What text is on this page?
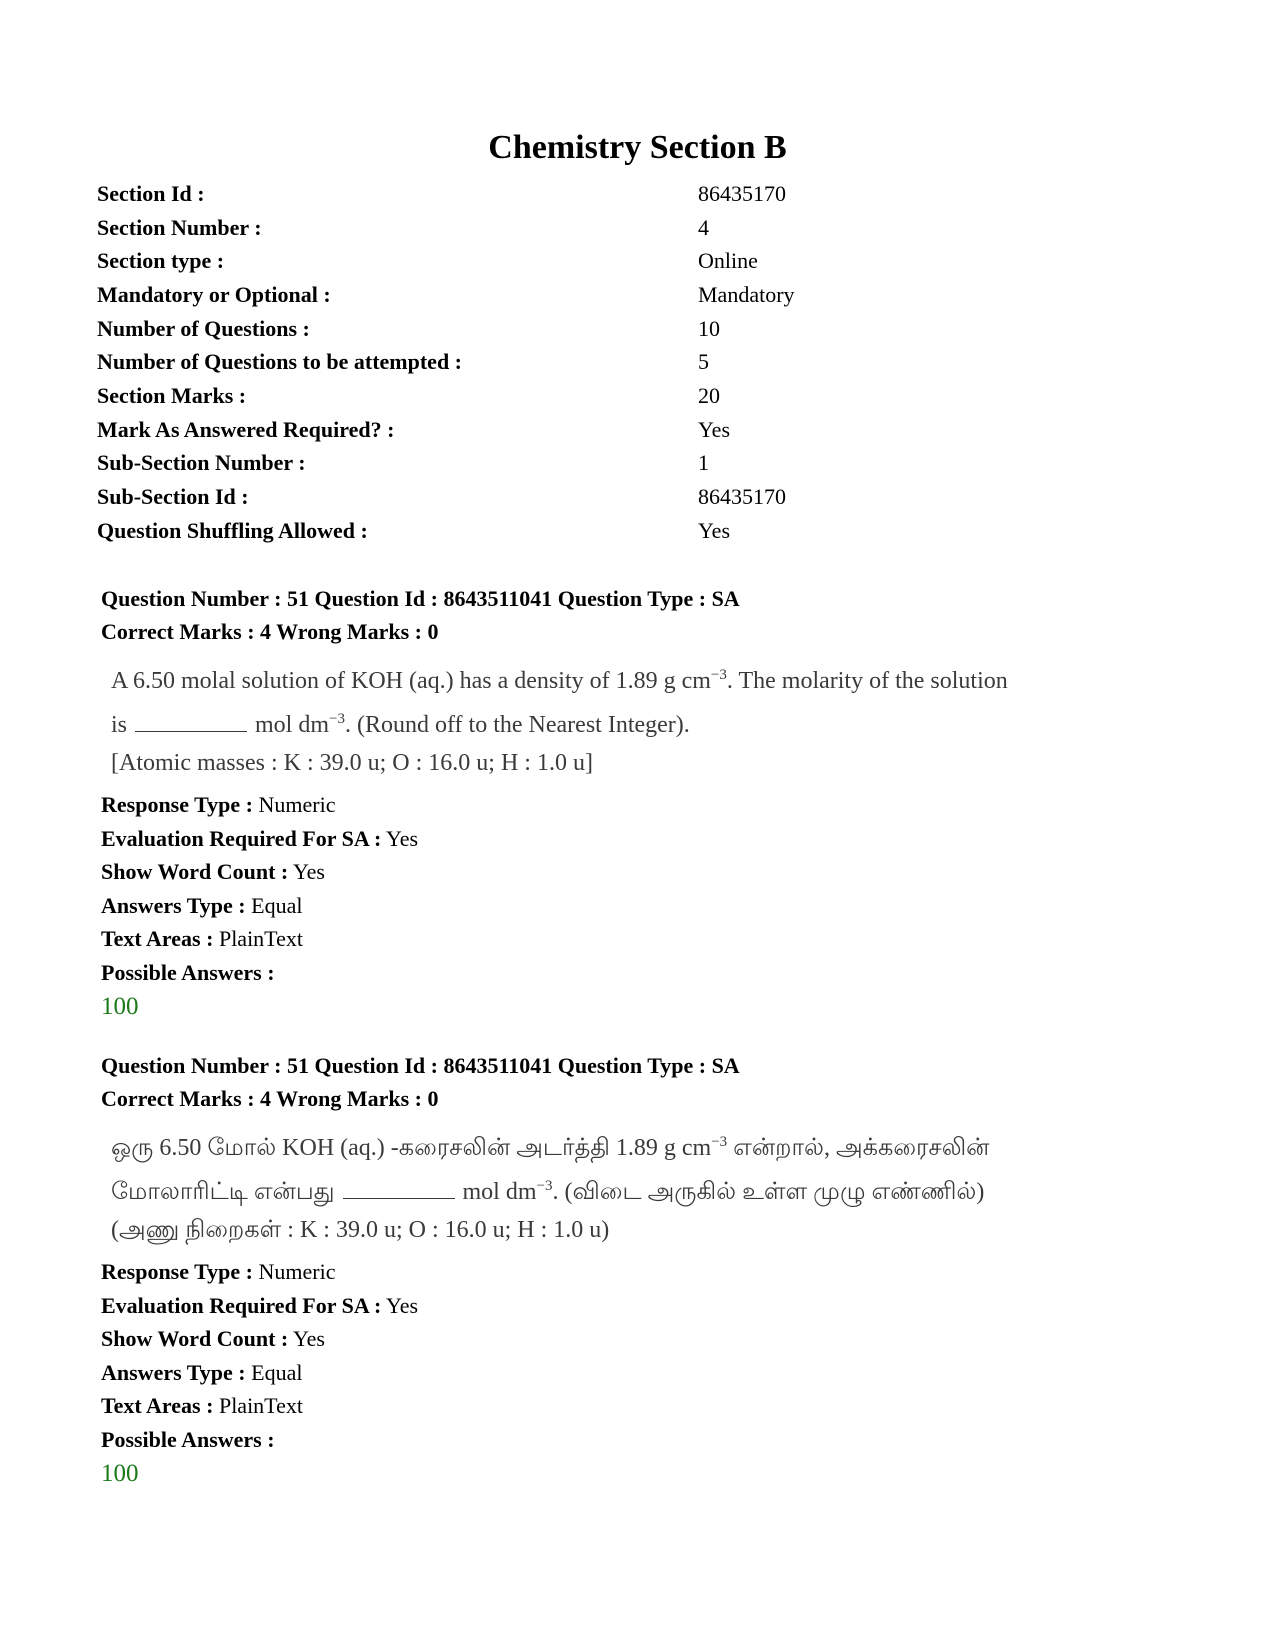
Chemistry Section B
Section Id :	86435170
Section Number :	4
Section type :	Online
Mandatory or Optional :	Mandatory
Number of Questions :	10
Number of Questions to be attempted :	5
Section Marks :	20
Mark As Answered Required? :	Yes
Sub-Section Number :	1
Sub-Section Id :	86435170
Question Shuffling Allowed :	Yes
Question Number : 51 Question Id : 8643511041 Question Type : SA
Correct Marks : 4 Wrong Marks : 0

A 6.50 molal solution of KOH (aq.) has a density of 1.89 g $cm^{-3}$. The molarity of the solution

is	mol $dm^{-3}$. (Round off to the Nearest Integer).

[Atomic masses : K : 39.0 u; O : 16.0 u; H : 1.0 u]

Response Type : Numeric
Evaluation Required For SA : Yes
Show Word Count : Yes
Answers Type : Equal
Text Areas : PlainText
Possible Answers :
100
Question Number : 51 Question Id : 8643511041 Question Type : SA
Correct Marks : 4 Wrong Marks : 0

ஒரு 6.50 மோல் KOH (aq.) -கரைசலின் அடர்த்தி 1.89 g $cm^{-3}$ என்றால், அக்கரைசலின்

மோலாரிட்டி என்பது	mol $dm^{-3}$. (விடை அருகில் உள்ள முழு எண்ணில்)

(அணு நிறைகள் : K : 39.0 u; O : 16.0 u; H : 1.0 u)

Response Type : Numeric
Evaluation Required For SA : Yes
Show Word Count : Yes
Answers Type : Equal
Text Areas : PlainText
Possible Answers :
100
